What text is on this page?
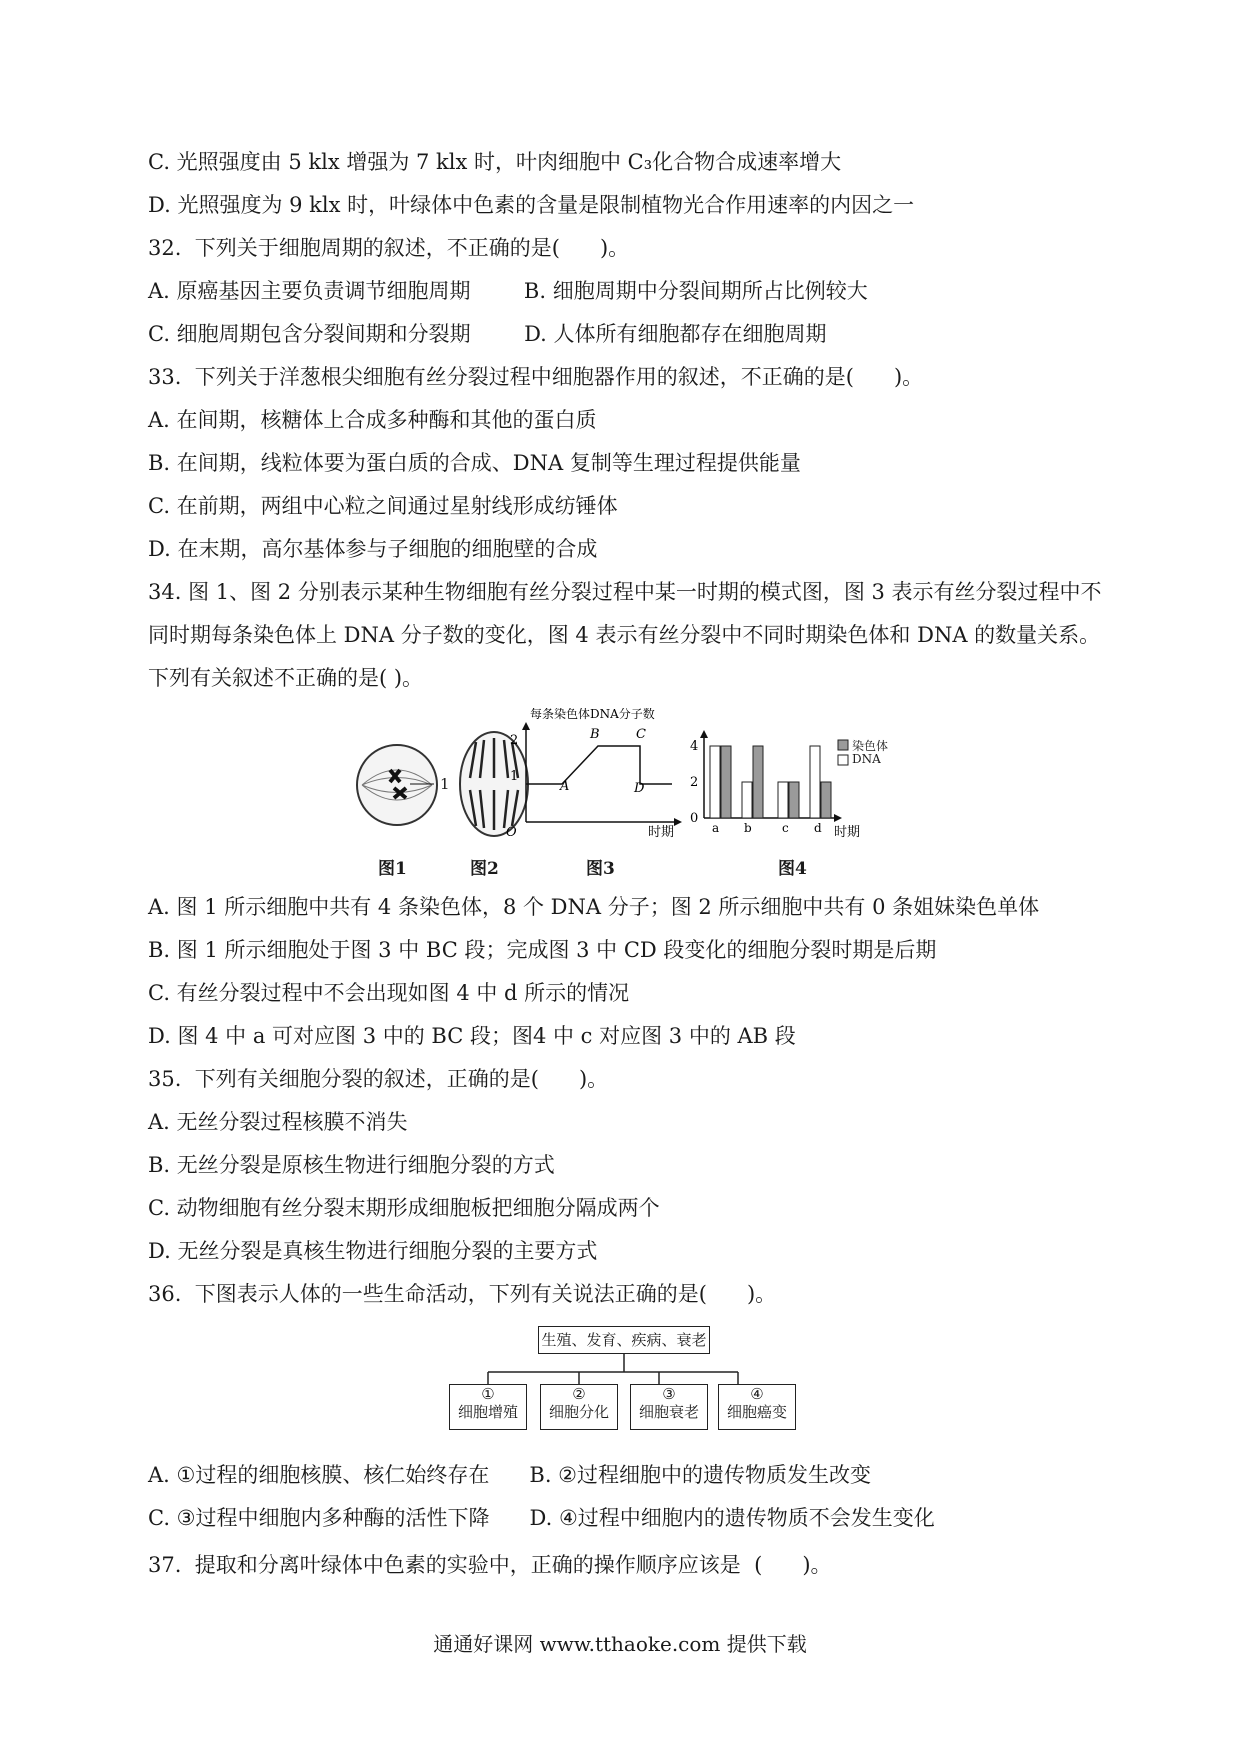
C. 光照强度由 5 klx 增强为 7 klx 时，叶肉细胞中 C₃化合物合成速率增大
D. 光照强度为 9 klx 时，叶绿体中色素的含量是限制植物光合作用速率的内因之一
32.  下列关于细胞周期的叙述，不正确的是(      )。
A. 原癌基因主要负责调节细胞周期        B. 细胞周期中分裂间期所占比例较大
C. 细胞周期包含分裂间期和分裂期        D. 人体所有细胞都存在细胞周期
33.  下列关于洋葱根尖细胞有丝分裂过程中细胞器作用的叙述，不正确的是(      )。
A. 在间期，核糖体上合成多种酶和其他的蛋白质
B. 在间期，线粒体要为蛋白质的合成、DNA 复制等生理过程提供能量
C. 在前期，两组中心粒之间通过星射线形成纺锤体
D. 在末期，高尔基体参与子细胞的细胞壁的合成
34. 图 1、图 2 分别表示某种生物细胞有丝分裂过程中某一时期的模式图，图 3 表示有丝分裂过程中不同时期每条染色体上 DNA 分子数的变化，图 4 表示有丝分裂中不同时期染色体和 DNA 的数量关系。下列有关叙述不正确的是( )。
1
2
1
每条染色体DNA分子数
A
B	C
D
O	时期
4
2
0
a b	c d 时期
染色体
DNA
图1	图2	图3	图4
A. 图 1 所示细胞中共有 4 条染色体，8 个 DNA 分子；图 2 所示细胞中共有 0 条姐妹染色单体
B. 图 1 所示细胞处于图 3 中 BC 段；完成图 3 中 CD 段变化的细胞分裂时期是后期
C. 有丝分裂过程中不会出现如图 4 中 d 所示的情况
D. 图 4 中 a 可对应图 3 中的 BC 段；图4 中 c 对应图 3 中的 AB 段
35.  下列有关细胞分裂的叙述，正确的是(      )。
A. 无丝分裂过程核膜不消失
B. 无丝分裂是原核生物进行细胞分裂的方式
C. 动物细胞有丝分裂末期形成细胞板把细胞分隔成两个
D. 无丝分裂是真核生物进行细胞分裂的主要方式
36.  下图表示人体的一些生命活动，下列有关说法正确的是(      )。
生殖、发育、疾病、衰老
①
细胞增殖
②
细胞分化
③
细胞衰老
④
细胞癌变
A. ①过程的细胞核膜、核仁始终存在      B. ②过程细胞中的遗传物质发生改变
C. ③过程中细胞内多种酶的活性下降      D. ④过程中细胞内的遗传物质不会发生变化
37.  提取和分离叶绿体中色素的实验中，正确的操作顺序应该是  (      )。
通通好课网 www.tthaoke.com 提供下载
